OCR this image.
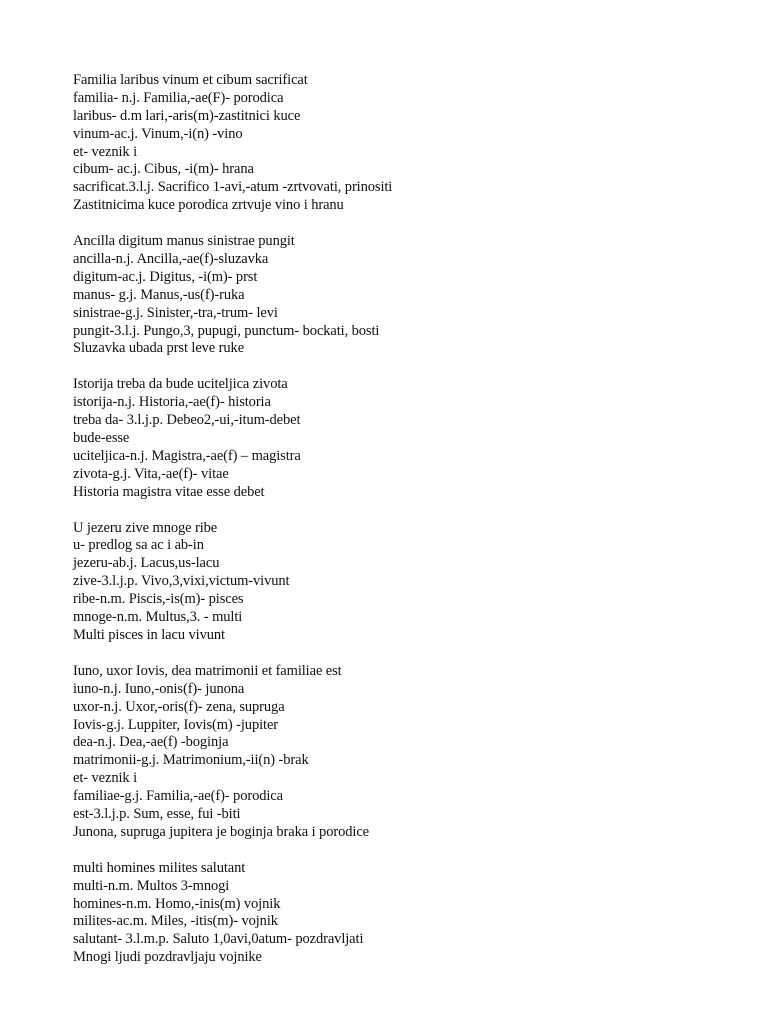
Familia laribus vinum et cibum sacrificat
familia- n.j. Familia,-ae(F)- porodica
laribus- d.m lari,-aris(m)-zastitnici kuce
vinum-ac.j. Vinum,-i(n) -vino
et- veznik i
cibum- ac.j. Cibus, -i(m)- hrana
sacrificat.3.l.j. Sacrifico 1-avi,-atum -zrtvovati, prinositi
Zastitnicima kuce porodica zrtvuje vino i hranu
Ancilla digitum manus sinistrae pungit
ancilla-n.j. Ancilla,-ae(f)-sluzavka
digitum-ac.j. Digitus, -i(m)- prst
manus- g.j. Manus,-us(f)-ruka
sinistrae-g.j. Sinister,-tra,-trum- levi
pungit-3.l.j. Pungo,3, pupugi, punctum- bockati, bosti
Sluzavka ubada prst leve ruke
Istorija treba da bude uciteljica zivota
istorija-n.j. Historia,-ae(f)- historia
treba da- 3.l.j.p. Debeo2,-ui,-itum-debet
bude-esse
uciteljica-n.j. Magistra,-ae(f) – magistra
zivota-g.j. Vita,-ae(f)- vitae
Historia magistra vitae esse debet
U jezeru zive mnoge ribe
u- predlog sa ac i ab-in
jezeru-ab.j. Lacus,us-lacu
zive-3.l.j.p. Vivo,3,vixi,victum-vivunt
ribe-n.m. Piscis,-is(m)- pisces
mnoge-n.m. Multus,3. - multi
Multi pisces in lacu vivunt
Iuno, uxor Iovis, dea matrimonii et familiae est
iuno-n.j. Iuno,-onis(f)- junona
uxor-n.j. Uxor,-oris(f)- zena, supruga
Iovis-g.j. Luppiter, Iovis(m) -jupiter
dea-n.j. Dea,-ae(f) -boginja
matrimonii-g.j. Matrimonium,-ii(n) -brak
et- veznik i
familiae-g.j. Familia,-ae(f)- porodica
est-3.l.j.p. Sum, esse, fui -biti
Junona, supruga jupitera je boginja braka i porodice
multi homines milites salutant
multi-n.m. Multos 3-mnogi
homines-n.m. Homo,-inis(m) vojnik
milites-ac.m. Miles, -itis(m)- vojnik
salutant- 3.l.m.p. Saluto 1,0avi,0atum- pozdravljati
Mnogi ljudi pozdravljaju vojnike
